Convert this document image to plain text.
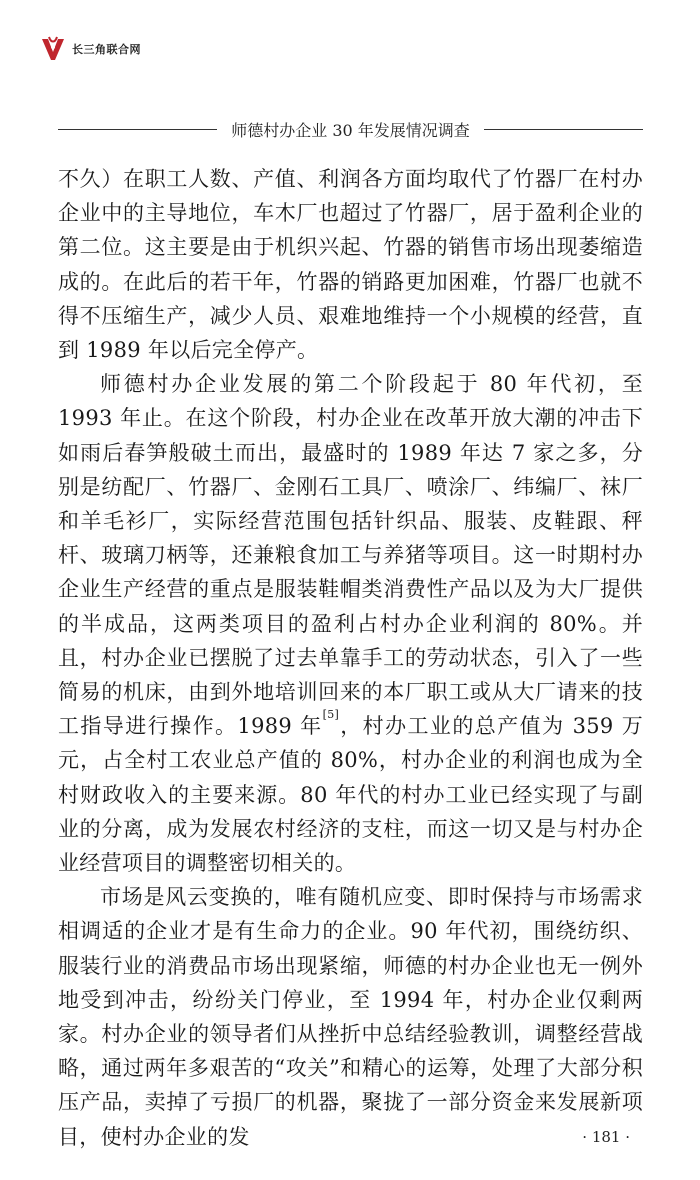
长三角联合网
师德村办企业 30 年发展情况调查

不久）在职工人数、产值、利润各方面均取代了竹器厂在村办企业中的主导地位，车木厂也超过了竹器厂，居于盈利企业的第二位。这主要是由于机织兴起、竹器的销售市场出现萎缩造成的。在此后的若干年，竹器的销路更加困难，竹器厂也就不得不压缩生产，减少人员、艰难地维持一个小规模的经营，直到 1989 年以后完全停产。

师德村办企业发展的第二个阶段起于 80 年代初，至 1993 年止。在这个阶段，村办企业在改革开放大潮的冲击下如雨后春笋般破土而出，最盛时的 1989 年达 7 家之多，分别是纺配厂、竹器厂、金刚石工具厂、喷涂厂、纬编厂、袜厂和羊毛衫厂，实际经营范围包括针织品、服装、皮鞋跟、秤杆、玻璃刀柄等，还兼粮食加工与养猪等项目。这一时期村办企业生产经营的重点是服装鞋帽类消费性产品以及为大厂提供的半成品，这两类项目的盈利占村办企业利润的 80%。并且，村办企业已摆脱了过去单靠手工的劳动状态，引入了一些简易的机床，由到外地培训回来的本厂职工或从大厂请来的技工指导进行操作。1989 年[5]，村办工业的总产值为 359 万元，占全村工农业总产值的 80%，村办企业的利润也成为全村财政收入的主要来源。80 年代的村办工业已经实现了与副业的分离，成为发展农村经济的支柱，而这一切又是与村办企业经营项目的调整密切相关的。

市场是风云变换的，唯有随机应变、即时保持与市场需求相调适的企业才是有生命力的企业。90 年代初，围绕纺织、服装行业的消费品市场出现紧缩，师德的村办企业也无一例外地受到冲击，纷纷关门停业，至 1994 年，村办企业仅剩两家。村办企业的领导者们从挫折中总结经验教训，调整经营战略，通过两年多艰苦的“攻关”和精心的运筹，处理了大部分积压产品，卖掉了亏损厂的机器，聚拢了一部分资金来发展新项目，使村办企业的发	· 181 ·
